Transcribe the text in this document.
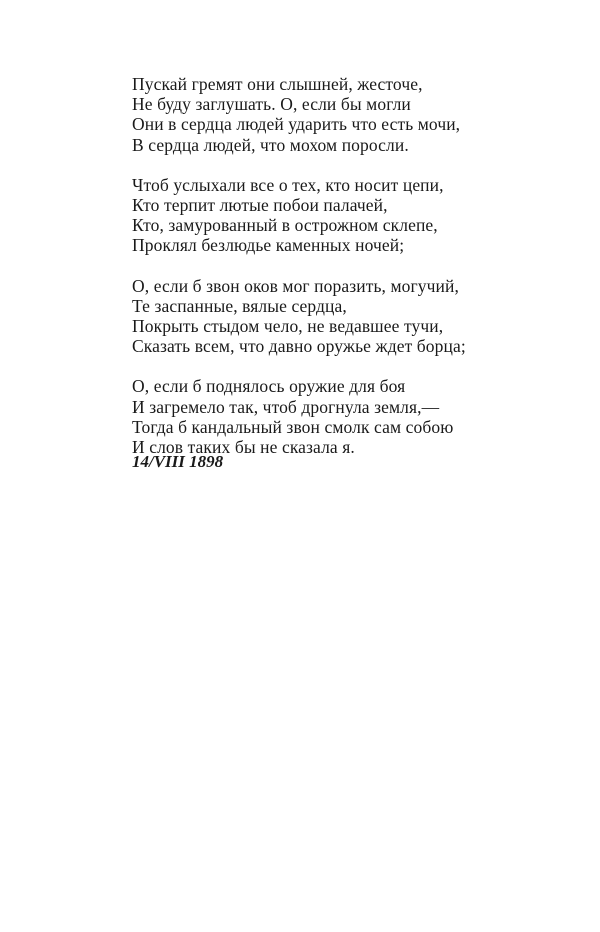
Пускай гремят они слышней, жесточе,
Не буду заглушать. О, если бы могли
Они в сердца людей ударить что есть мочи,
В сердца людей, что мохом поросли.
Чтоб услыхали все о тех, кто носит цепи,
Кто терпит лютые побои палачей,
Кто, замурованный в острожном склепе,
Проклял безлюдье каменных ночей;
О, если б звон оков мог поразить, могучий,
Те заспанные, вялые сердца,
Покрыть стыдом чело, не ведавшее тучи,
Сказать всем, что давно оружье ждет борца;
О, если б поднялось оружие для боя
И загремело так, чтоб дрогнула земля,—
Тогда б кандальный звон смолк сам собою
И слов таких бы не сказала я.
14/VIII 1898
